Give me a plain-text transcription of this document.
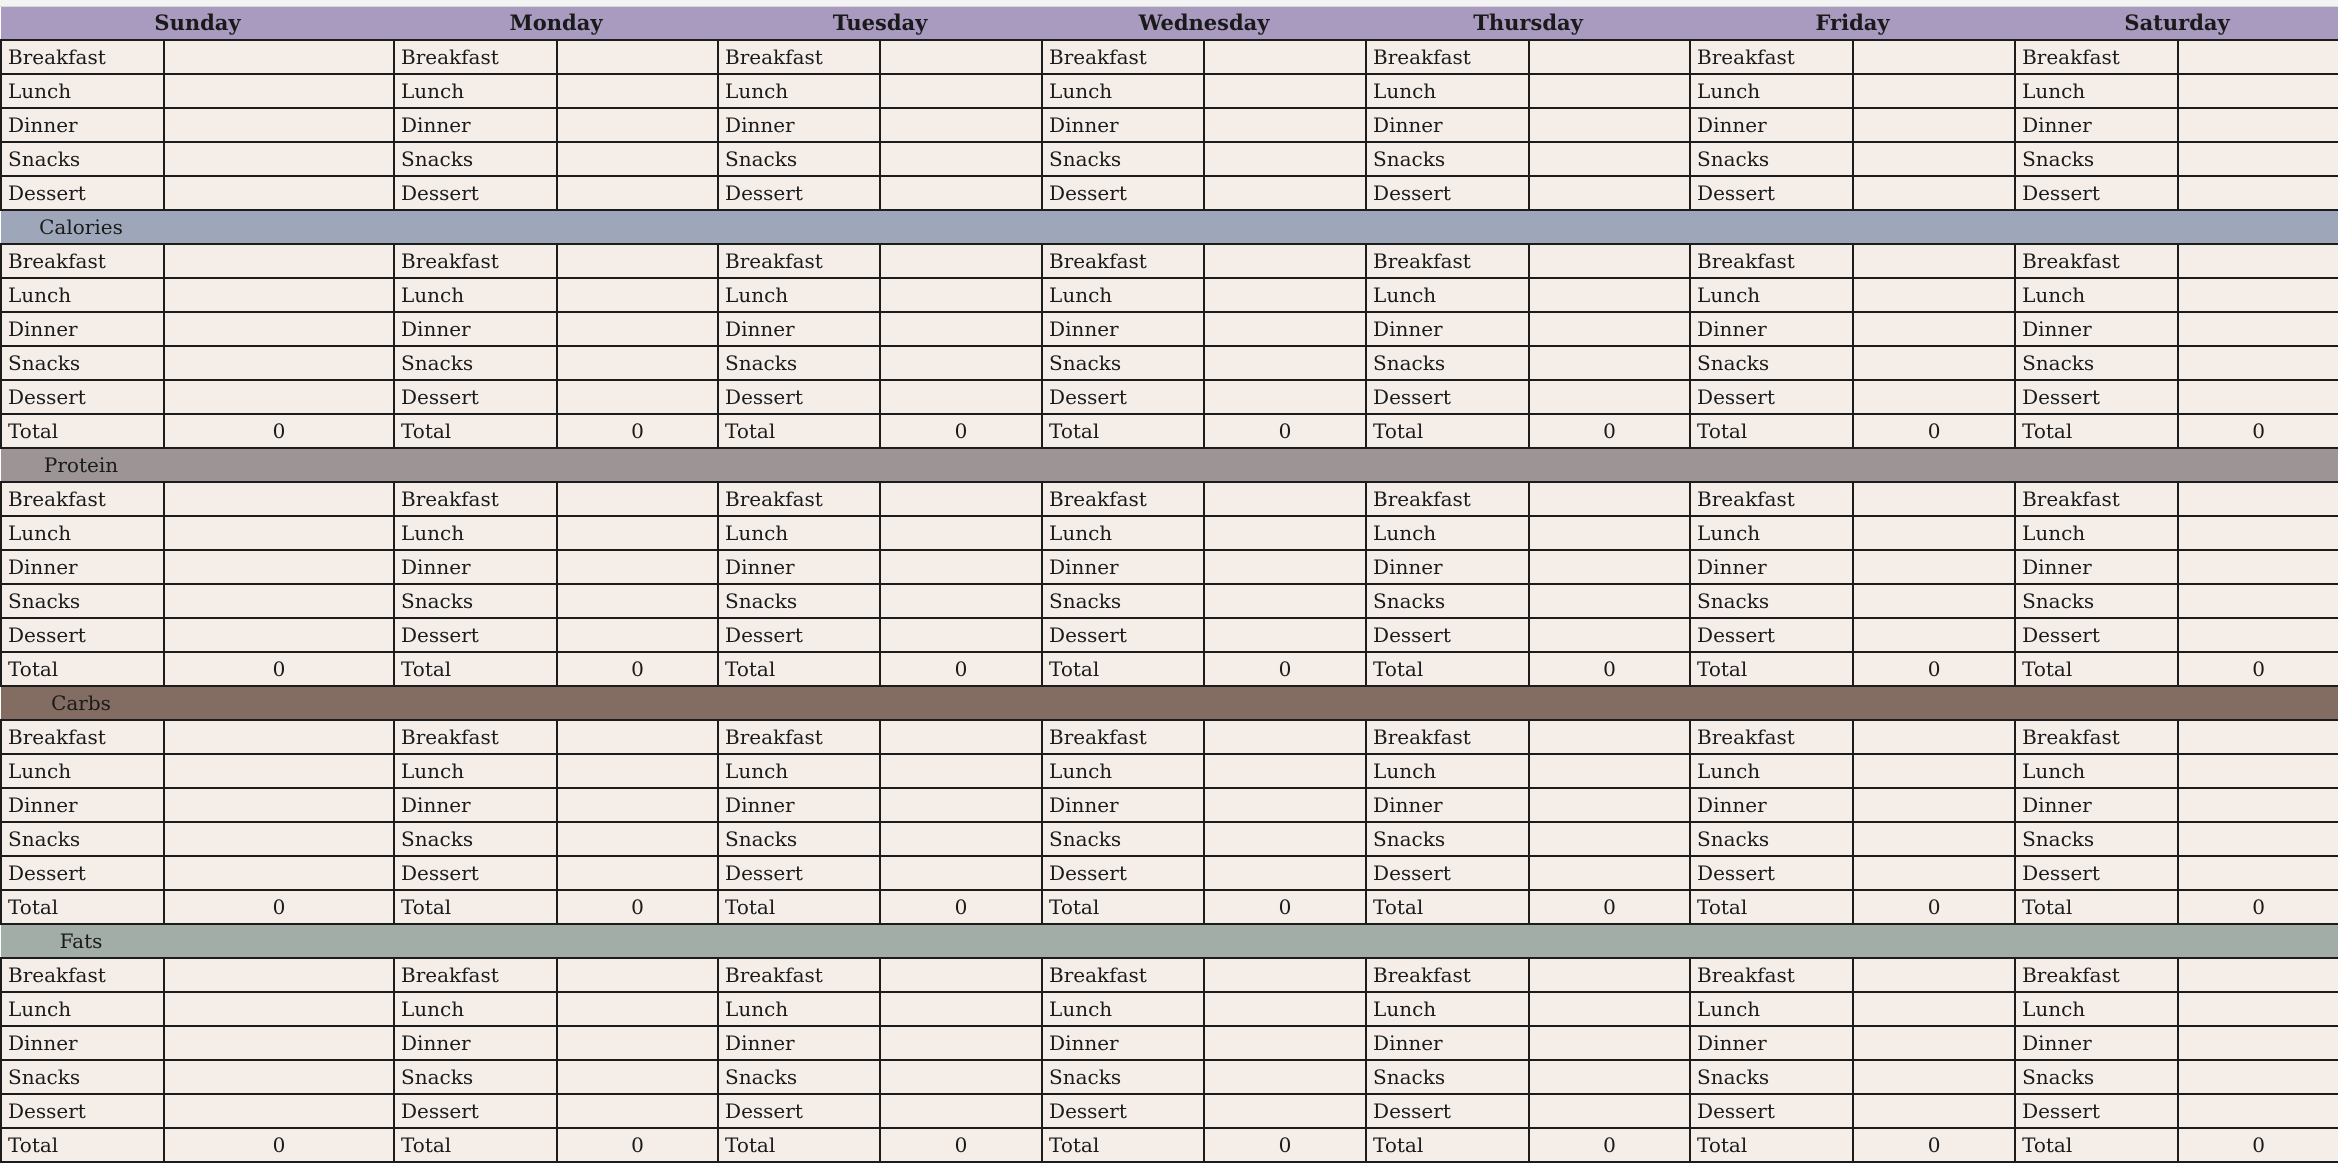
Sunday		Monday		Tuesday		Wednesday		Thursday		Friday		Saturday	
Breakfast		Breakfast		Breakfast		Breakfast		Breakfast		Breakfast		Breakfast	
Lunch		Lunch		Lunch		Lunch		Lunch		Lunch		Lunch	
Dinner		Dinner		Dinner		Dinner		Dinner		Dinner		Dinner	
Snacks		Snacks		Snacks		Snacks		Snacks		Snacks		Snacks	
Dessert		Dessert		Dessert		Dessert		Dessert		Dessert		Dessert	
Calories													
Breakfast		Breakfast		Breakfast		Breakfast		Breakfast		Breakfast		Breakfast	
Lunch		Lunch		Lunch		Lunch		Lunch		Lunch		Lunch	
Dinner		Dinner		Dinner		Dinner		Dinner		Dinner		Dinner	
Snacks		Snacks		Snacks		Snacks		Snacks		Snacks		Snacks	
Dessert		Dessert		Dessert		Dessert		Dessert		Dessert		Dessert	
Total	0	Total	0	Total	0	Total	0	Total	0	Total	0	Total	0
Protein													
Breakfast		Breakfast		Breakfast		Breakfast		Breakfast		Breakfast		Breakfast	
Lunch		Lunch		Lunch		Lunch		Lunch		Lunch		Lunch	
Dinner		Dinner		Dinner		Dinner		Dinner		Dinner		Dinner	
Snacks		Snacks		Snacks		Snacks		Snacks		Snacks		Snacks	
Dessert		Dessert		Dessert		Dessert		Dessert		Dessert		Dessert	
Total	0	Total	0	Total	0	Total	0	Total	0	Total	0	Total	0
Carbs													
Breakfast		Breakfast		Breakfast		Breakfast		Breakfast		Breakfast		Breakfast	
Lunch		Lunch		Lunch		Lunch		Lunch		Lunch		Lunch	
Dinner		Dinner		Dinner		Dinner		Dinner		Dinner		Dinner	
Snacks		Snacks		Snacks		Snacks		Snacks		Snacks		Snacks	
Dessert		Dessert		Dessert		Dessert		Dessert		Dessert		Dessert	
Total	0	Total	0	Total	0	Total	0	Total	0	Total	0	Total	0
Fats													
Breakfast		Breakfast		Breakfast		Breakfast		Breakfast		Breakfast		Breakfast	
Lunch		Lunch		Lunch		Lunch		Lunch		Lunch		Lunch	
Dinner		Dinner		Dinner		Dinner		Dinner		Dinner		Dinner	
Snacks		Snacks		Snacks		Snacks		Snacks		Snacks		Snacks	
Dessert		Dessert		Dessert		Dessert		Dessert		Dessert		Dessert	
Total	0	Total	0	Total	0	Total	0	Total	0	Total	0	Total	0
